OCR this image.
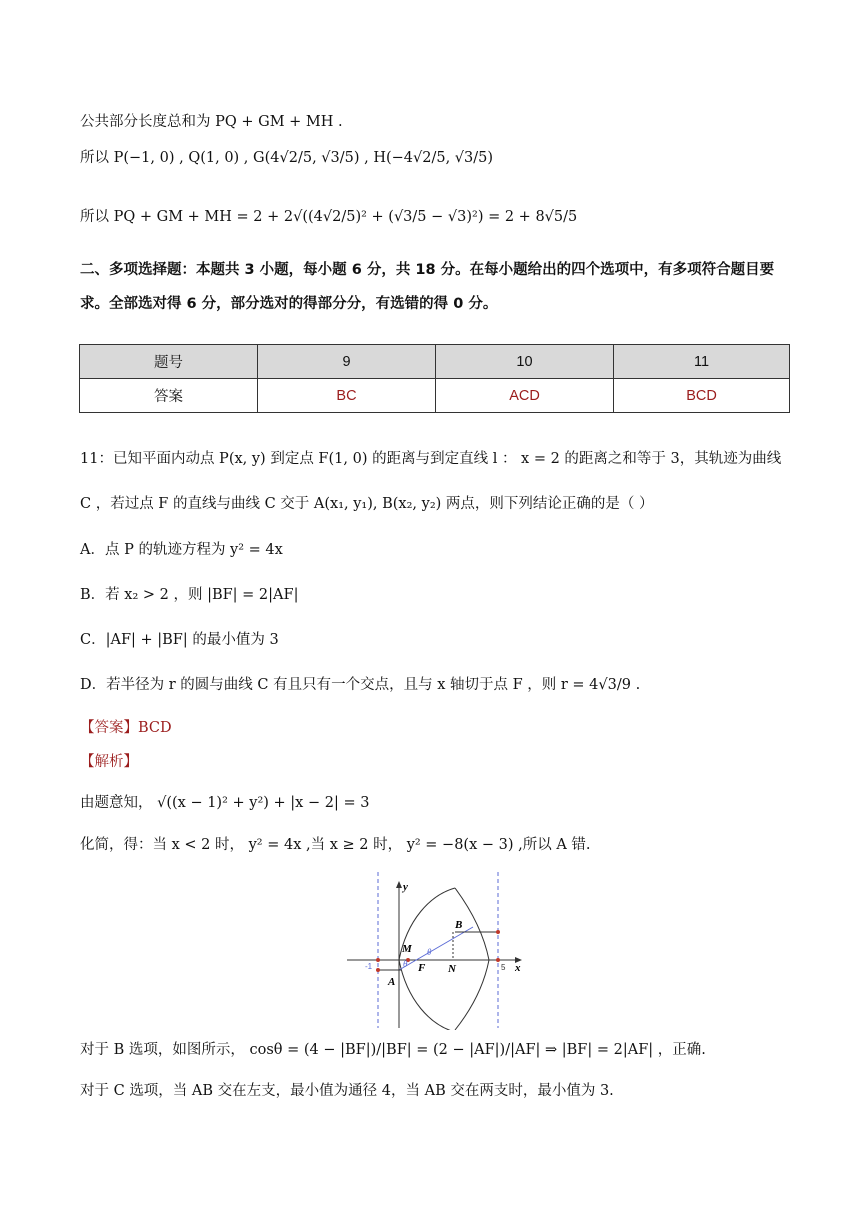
公共部分长度总和为 PQ + GM + MH .
所以 P(−1, 0) , Q(1, 0) , G(4√2/5, √3/5) , H(−4√2/5, √3/5)
所以 PQ + GM + MH = 2 + 2√((4√2/5)² + (√3/5 − √3)²) = 2 + 8√5/5
二、多项选择题：本题共 3 小题，每小题 6 分，共 18 分。在每小题给出的四个选项中，有多项符合题目要
求。全部选对得 6 分，部分选对的得部分分，有选错的得 0 分。
题号	9	10	11
答案	BC	ACD	BCD
11：已知平面内动点 P(x, y) 到定点 F(1, 0) 的距离与到定直线 l ： x = 2 的距离之和等于 3，其轨迹为曲线
C ，若过点 F 的直线与曲线 C 交于 A(x₁, y₁), B(x₂, y₂) 两点，则下列结论正确的是（ ）
A．点 P 的轨迹方程为 y² = 4x
B．若 x₂ > 2 ，则 |BF| = 2|AF|
C．|AF| + |BF| 的最小值为 3
D．若半径为 r 的圆与曲线 C 有且只有一个交点，且与 x 轴切于点 F ，则 r = 4√3/9 .
【答案】BCD
【解析】
由题意知， √((x − 1)² + y²) + |x − 2| = 3
化简，得：当 x < 2 时， y² = 4x ,当 x ≥ 2 时， y² = −8(x − 3) ,所以 A 错.
y
x
B
M
A
F N
θ
θ
-1	5
对于 B 选项，如图所示， cosθ = (4 − |BF|)/|BF| = (2 − |AF|)/|AF| ⇒ |BF| = 2|AF| ，正确.
对于 C 选项，当 AB 交在左支，最小值为通径 4，当 AB 交在两支时，最小值为 3.
